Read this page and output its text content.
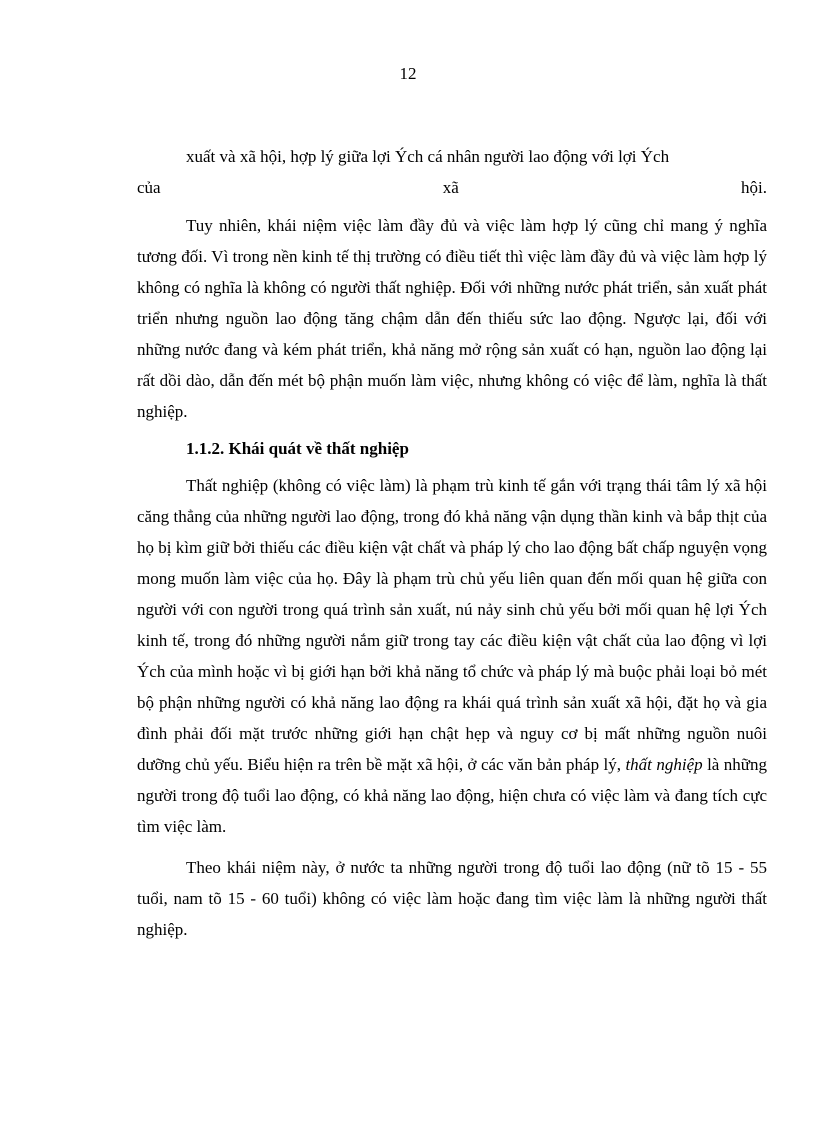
12
xuất và xã hội, hợp lý giữa lợi Ých cá nhân người lao động với lợi Ých
của	xã	hội.

Tuy nhiên, khái niệm việc làm đầy đủ và việc làm hợp lý cũng chỉ mang ý nghĩa tương đối. Vì trong nền kinh tế thị trường có điều tiết thì việc làm đầy đủ và việc làm hợp lý không có nghĩa là không có người thất nghiệp. Đối với những nước phát triển, sản xuất phát triển nhưng nguồn lao động tăng chậm dẫn đến thiếu sức lao động. Ngược lại, đối với những nước đang và kém phát triển, khả năng mở rộng sản xuất có hạn, nguồn lao động lại rất dồi dào, dẫn đến mét bộ phận muốn làm việc, nhưng không có việc để làm, nghĩa là thất nghiệp.

1.1.2. Khái quát về thất nghiệp

Thất nghiệp (không có việc làm) là phạm trù kinh tế gắn với trạng thái tâm lý xã hội căng thẳng của những người lao động, trong đó khả năng vận dụng thần kinh và bắp thịt của họ bị kìm giữ bởi thiếu các điều kiện vật chất và pháp lý cho lao động bất chấp nguyện vọng mong muốn làm việc của họ. Đây là phạm trù chủ yếu liên quan đến mối quan hệ giữa con người với con người trong quá trình sản xuất, nú nảy sinh chủ yếu bởi mối quan hệ lợi Ých kinh tế, trong đó những người nắm giữ trong tay các điều kiện vật chất của lao động vì lợi Ých của mình hoặc vì bị giới hạn bởi khả năng tổ chức và pháp lý mà buộc phải loại bỏ mét bộ phận những người có khả năng lao động ra khái quá trình sản xuất xã hội, đặt họ và gia đình phải đối mặt trước những giới hạn chật hẹp và nguy cơ bị mất những nguồn nuôi dưỡng chủ yếu. Biểu hiện ra trên bề mặt xã hội, ở các văn bản pháp lý, thất nghiệp là những người trong độ tuổi lao động, có khả năng lao động, hiện chưa có việc làm và đang tích cực tìm việc làm.

Theo khái niệm này, ở nước ta những người trong độ tuổi lao động (nữ tõ 15 - 55 tuổi, nam tõ 15 - 60 tuổi) không có việc làm hoặc đang tìm việc làm là những người thất nghiệp.
